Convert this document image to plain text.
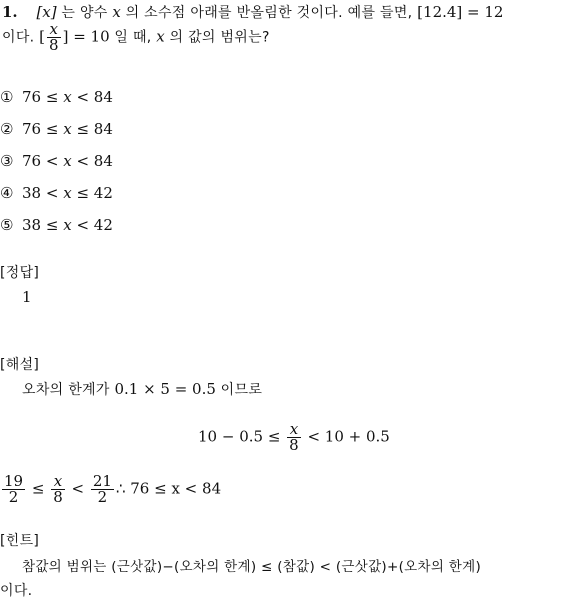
1. [x] 는 양수 x 의 소수점 아래를 반올림한 것이다. 예를 들면, [12.4] = 12
이다. [ $\frac{x}{8}$ ] = 10 일 때, x 의 값의 범위는?
① 76 ≤ x < 84
② 76 ≤ x ≤ 84
③ 76 < x < 84
④ 38 < x ≤ 42
⑤ 38 ≤ x < 42
[정답]
1
[해설]
오차의 한계가 0.1 × 5 = 0.5 이므로
$10 - 0.5 \le \frac{x}{8} < 10 + 0.5$
$\frac{19}{2} \le \frac{x}{8} < \frac{21}{2}$ ∴ 76 ≤ x < 84
[힌트]
참값의 범위는 (근삿값)−(오차의 한계) ≤ (참값) < (근삿값)+(오차의 한계)
이다.
